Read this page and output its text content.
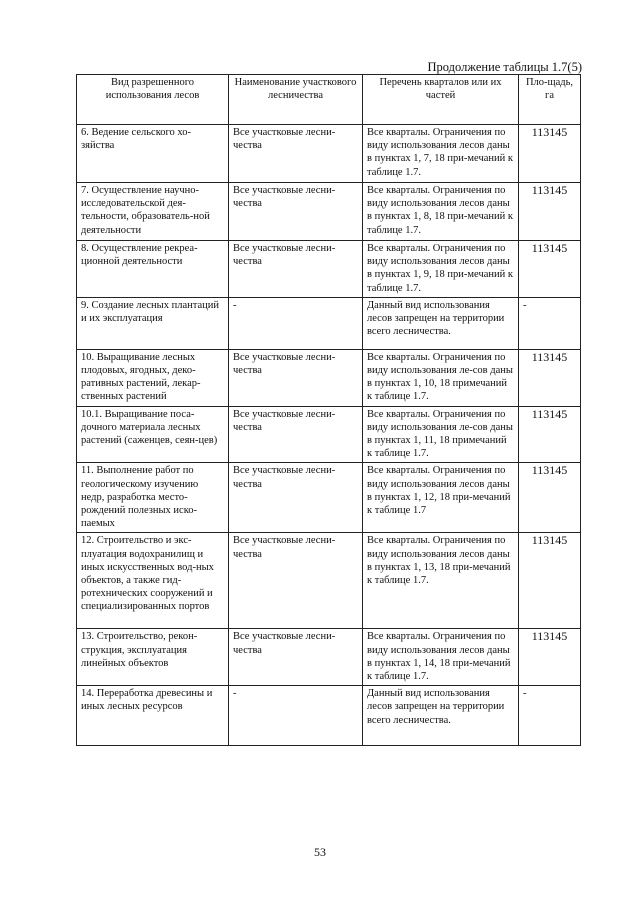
Продолжение таблицы 1.7(5)
Вид разрешенного использования лесов	Наименование участкового лесничества	Перечень кварталов или их частей	Пло-щадь, га
6. Ведение сельского хо-зяйства	Все участковые лесни-чества	Все кварталы. Ограничения по виду использования лесов даны в пунктах 1, 7, 18 при-мечаний к таблице 1.7.	113145
7. Осуществление научно-исследовательской дея-тельности, образователь-ной деятельности	Все участковые лесни-чества	Все кварталы. Ограничения по виду использования лесов даны в пунктах 1, 8, 18 при-мечаний к таблице 1.7.	113145
8. Осуществление рекреа-ционной деятельности	Все участковые лесни-чества	Все кварталы. Ограничения по виду использования лесов даны в пунктах 1, 9, 18 при-мечаний к таблице 1.7.	113145
9. Создание лесных плантаций и их эксплуатация	-	Данный вид использования лесов запрещен на территории всего лесничества.	-
10. Выращивание лесных плодовых, ягодных, деко-ративных растений, лекар-ственных растений	Все участковые лесни-чества	Все кварталы. Ограничения по виду использования ле-сов даны в пунктах 1, 10, 18 примечаний к таблице 1.7.	113145
10.1. Выращивание поса-дочного материала лесных растений (саженцев, сеян-цев)	Все участковые лесни-чества	Все кварталы. Ограничения по виду использования ле-сов даны в пунктах 1, 11, 18 примечаний к таблице 1.7.	113145
11. Выполнение работ по геологическому изучению недр, разработка место-рождений полезных иско-паемых	Все участковые лесни-чества	Все кварталы. Ограничения по виду использования лесов даны в пунктах 1, 12, 18 при-мечаний к таблице 1.7	113145
12. Строительство и экс-плуатация водохранилищ и иных искусственных вод-ных объектов, а также гид-ротехнических сооружений и специализированных портов	Все участковые лесни-чества	Все кварталы. Ограничения по виду использования лесов даны в пунктах 1, 13, 18 при-мечаний к таблице 1.7.	113145
13. Строительство, рекон-струкция, эксплуатация линейных объектов	Все участковые лесни-чества	Все кварталы. Ограничения по виду использования лесов даны в пунктах 1, 14, 18 при-мечаний к таблице 1.7.	113145
14. Переработка древесины и иных лесных ресурсов	-	Данный вид использования лесов запрещен на территории всего лесничества.	-
53
